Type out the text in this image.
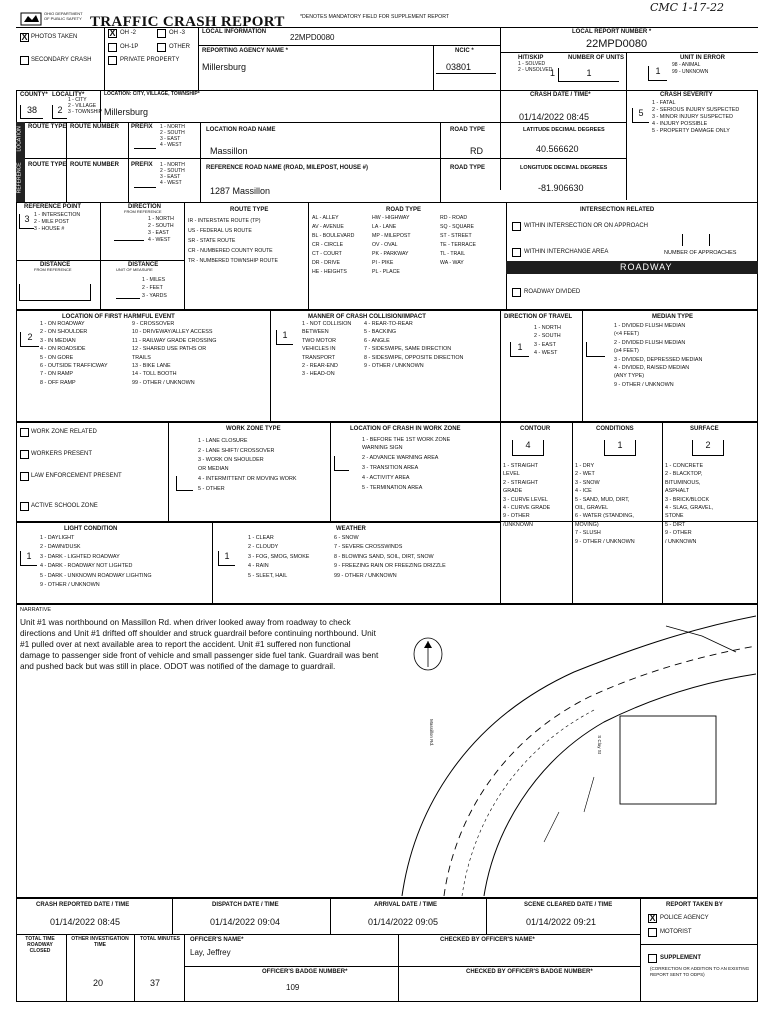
OHIO DEPARTMENT OF PUBLIC SAFETY TRAFFIC CRASH REPORT	*DENOTES MANDATORY FIELD FOR SUPPLEMENT REPORT
CMC 1-17-22
X PHOTOS TAKEN	X OH -2	OH -3
OH-1P	OTHER
SECONDARY CRASH	PRIVATE PROPERTY
LOCAL INFORMATION
22MPD0080
REPORTING AGENCY NAME *
Millersburg
NCIC *
03801
LOCAL REPORT NUMBER *
22MPD0080
HIT/SKIP
1 - SOLVED
2 - UNSOLVED
NUMBER OF UNITS
1	1
UNIT IN ERROR
1
98 - ANIMAL
99 - UNKNOWN
COUNTY*
38
LOCALITY*
2
1 - CITY
2 - VILLAGE
3 - TOWNSHIP
LOCATION: CITY, VILLAGE, TOWNSHIP*
Millersburg
CRASH DATE / TIME*
01/14/2022 08:45
CRASH SEVERITY
5
1 - FATAL
2 - SERIOUS INJURY SUSPECTED
3 - MINOR INJURY SUSPECTED
4 - INJURY POSSIBLE
5 - PROPERTY DAMAGE ONLY
LOCATION
REFERENCE
ROUTE TYPE ROUTE NUMBER PREFIX 1 - NORTH
2 - SOUTH
3 - EAST
4 - WEST
LOCATION ROAD NAME
Massillon
ROAD TYPE
RD
LATITUDE DECIMAL DEGREES
40.566620
ROUTE TYPE ROUTE NUMBER PREFIX 1 - NORTH
2 - SOUTH
3 - EAST
4 - WEST
REFERENCE ROAD NAME (ROAD, MILEPOST, HOUSE #)
1287 Massillon
ROAD TYPE	LONGITUDE DECIMAL DEGREES
-81.906630
REFERENCE POINT
3 1 - INTERSECTION
2 - MILE POST
3 - HOUSE #
DIRECTION
FROM REFERENCE
1 - NORTH
2 - SOUTH
3 - EAST
4 - WEST
ROUTE TYPE
IR - INTERSTATE ROUTE (TP)
US - FEDERAL US ROUTE
SR - STATE ROUTE
CR - NUMBERED COUNTY ROUTE
TR - NUMBERED TOWNSHIP ROUTE
ROAD TYPE
AL - ALLEY
AV - AVENUE
BL - BOULEVARD
CR - CIRCLE
CT - COURT
DR - DRIVE
HE - HEIGHTS
HW - HIGHWAY
LA - LANE
MP - MILEPOST
OV - OVAL
PK - PARKWAY
PI - PIKE
PL - PLACE
RD - ROAD
SQ - SQUARE
ST - STREET
TE - TERRACE
TL - TRAIL
WA - WAY
DISTANCE
FROM REFERENCE
DISTANCE
UNIT OF MEASURE
1 - MILES
2 - FEET
3 - YARDS
INTERSECTION RELATED
WITHIN INTERSECTION OR ON APPROACH
WITHIN INTERCHANGE AREA	NUMBER OF APPROACHES
ROADWAY
ROADWAY DIVIDED
LOCATION OF FIRST HARMFUL EVENT
2
1 - ON ROADWAY
2 - ON SHOULDER
3 - IN MEDIAN
4 - ON ROADSIDE
5 - ON GORE
6 - OUTSIDE TRAFFICWAY
7 - ON RAMP
8 - OFF RAMP
9 - CROSSOVER
10 - DRIVEWAY/ALLEY ACCESS
11 - RAILWAY GRADE CROSSING
12 - SHARED USE PATHS OR
TRAILS
13 - BIKE LANE
14 - TOLL BOOTH
99 - OTHER / UNKNOWN
MANNER OF CRASH COLLISION/IMPACT
1
1 - NOT COLLISION
BETWEEN
TWO MOTOR
VEHICLES IN
TRANSPORT
2 - REAR-END
3 - HEAD-ON
4 - REAR-TO-REAR
5 - BACKING
6 - ANGLE
7 - SIDESWIPE, SAME DIRECTION
8 - SIDESWIPE, OPPOSITE DIRECTION
9 - OTHER / UNKNOWN
DIRECTION OF TRAVEL
1
1 - NORTH
2 - SOUTH
3 - EAST
4 - WEST
MEDIAN TYPE
1 - DIVIDED FLUSH MEDIAN
(<4 FEET)
2 - DIVIDED FLUSH MEDIAN
(≥4 FEET)
3 - DIVIDED, DEPRESSED MEDIAN
4 - DIVIDED, RAISED MEDIAN
(ANY TYPE)
9 - OTHER / UNKNOWN
WORK ZONE RELATED
WORKERS PRESENT
LAW ENFORCEMENT PRESENT
ACTIVE SCHOOL ZONE
WORK ZONE TYPE
1 - LANE CLOSURE
2 - LANE SHIFT/ CROSSOVER
3 - WORK ON SHOULDER
OR MEDIAN
4 - INTERMITTENT OR MOVING WORK
5 - OTHER
LOCATION OF CRASH IN WORK ZONE
1 - BEFORE THE 1ST WORK ZONE
WARNING SIGN
2 - ADVANCE WARNING AREA
3 - TRANSITION AREA
4 - ACTIVITY AREA
5 - TERMINATION AREA
CONTOUR
4
1 - STRAIGHT
LEVEL
2 - STRAIGHT
GRADE
3 - CURVE LEVEL
4 - CURVE GRADE
9 - OTHER
/UNKNOWN
CONDITIONS
1
1 - DRY
2 - WET
3 - SNOW
4 - ICE
5 - SAND, MUD, DIRT,
OIL, GRAVEL
6 - WATER (STANDING,
MOVING)
7 - SLUSH
9 - OTHER / UNKNOWN
SURFACE
2
1 - CONCRETE
2 - BLACKTOP,
BITUMINOUS,
ASPHALT
3 - BRICK/BLOCK
4 - SLAG, GRAVEL,
STONE
5 - DIRT
9 - OTHER
/ UNKNOWN
LIGHT CONDITION
1
1 - DAYLIGHT
2 - DAWN/DUSK
3 - DARK - LIGHTED ROADWAY
4 - DARK - ROADWAY NOT LIGHTED
5 - DARK - UNKNOWN ROADWAY LIGHTING
9 - OTHER / UNKNOWN
WEATHER
1
1 - CLEAR
2 - CLOUDY
3 - FOG, SMOG, SMOKE
4 - RAIN
5 - SLEET, HAIL
6 - SNOW
7 - SEVERE CROSSWINDS
8 - BLOWING SAND, SOIL, DIRT, SNOW
9 - FREEZING RAIN OR FREEZING DRIZZLE
99 - OTHER / UNKNOWN
NARRATIVE
Unit #1 was northbound on Massillon Rd. when driver looked away from roadway to check directions and Unit #1 drifted off shoulder and struck guardrail before continuing northbound. Unit #1 pulled over at next available area to report the accident. Unit #1 suffered non functional damage to passenger side front of vehicle and small passenger side fuel tank. Guardrail was bent and pushed back but was still in place. ODOT was notified of the damage to guardrail.
Massillon Rd.	S Clay St
CRASH REPORTED DATE / TIME
01/14/2022 08:45
DISPATCH DATE / TIME
01/14/2022 09:04
ARRIVAL DATE / TIME
01/14/2022 09:05
SCENE CLEARED DATE / TIME
01/14/2022 09:21
REPORT TAKEN BY
X POLICE AGENCY
MOTORIST
TOTAL TIME ROADWAY CLOSED
OTHER INVESTIGATION TIME
20
TOTAL MINUTES
37
OFFICER'S NAME*
Lay, Jeffrey
CHECKED BY OFFICER'S NAME*
OFFICER'S BADGE NUMBER*
109
CHECKED BY OFFICER'S BADGE NUMBER*
SUPPLEMENT
(CORRECTION OR ADDITION TO AN EXISTING REPORT SENT TO ODPS)
